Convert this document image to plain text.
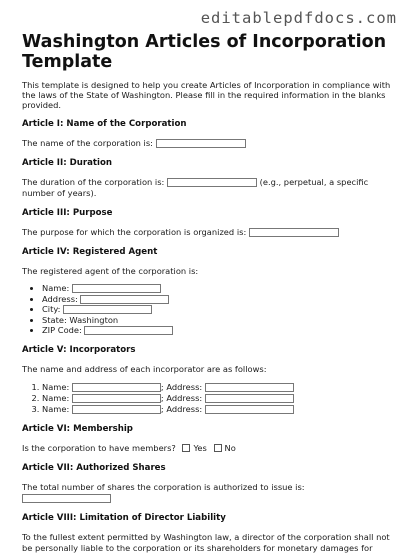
editablepdfdocs.com
Washington Articles of Incorporation Template

This template is designed to help you create Articles of Incorporation in compliance with the laws of the State of Washington. Please fill in the required information in the blanks provided.

Article I: Name of the Corporation

The name of the corporation is:

Article II: Duration

The duration of the corporation is:	(e.g., perpetual, a specific number of years).

Article III: Purpose

The purpose for which the corporation is organized is:

Article IV: Registered Agent

The registered agent of the corporation is:

• Name:
• Address:
• City:
• State: Washington
• ZIP Code:
Article V: Incorporators

The name and address of each incorporator are as follows:

1. Name:	; Address:
2. Name:	; Address:
3. Name:	; Address:
Article VI: Membership

Is the corporation to have members? Yes No

Article VII: Authorized Shares

The total number of shares the corporation is authorized to issue is:

Article VIII: Limitation of Director Liability

To the fullest extent permitted by Washington law, a director of the corporation shall not be personally liable to the corporation or its shareholders for monetary damages for
